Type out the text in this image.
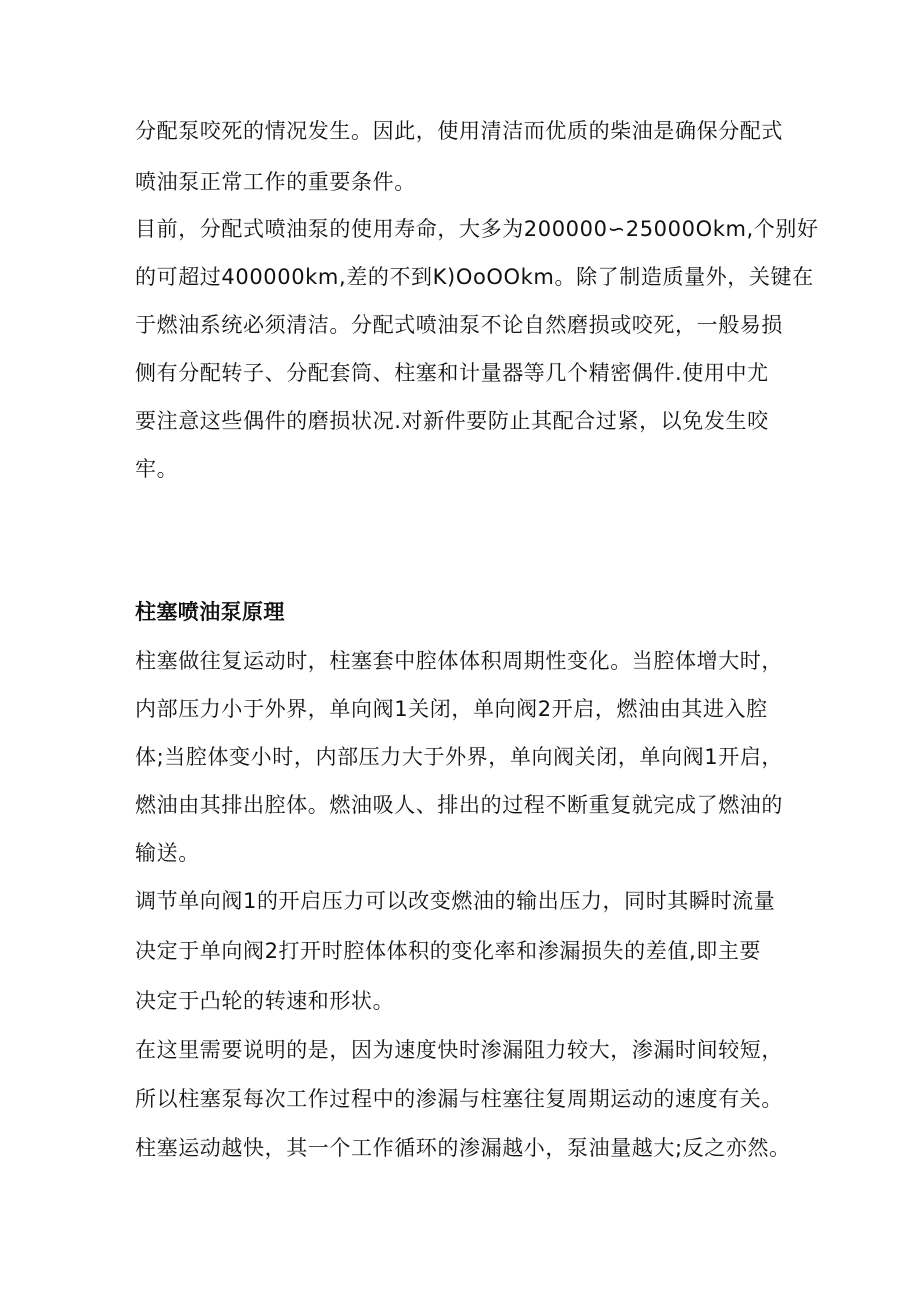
分配泵咬死的情况发生。因此，使用清洁而优质的柴油是确保分配式
喷油泵正常工作的重要条件。
目前，分配式喷油泵的使用寿命，大多为200000∽25000Okm,个别好
的可超过400000km,差的不到K)OoOOkm。除了制造质量外，关键在
于燃油系统必须清洁。分配式喷油泵不论自然磨损或咬死，一般易损
侧有分配转子、分配套筒、柱塞和计量器等几个精密偶件.使用中尤
要注意这些偶件的磨损状况.对新件要防止其配合过紧，以免发生咬
牢。
柱塞喷油泵原理
柱塞做往复运动时，柱塞套中腔体体积周期性变化。当腔体增大时，
内部压力小于外界，单向阀1关闭，单向阀2开启，燃油由其进入腔
体;当腔体变小时，内部压力大于外界，单向阀关闭，单向阀1开启，
燃油由其排出腔体。燃油吸人、排出的过程不断重复就完成了燃油的
输送。
调节单向阀1的开启压力可以改变燃油的输出压力，同时其瞬时流量
决定于单向阀2打开时腔体体积的变化率和渗漏损失的差值,即主要
决定于凸轮的转速和形状。
在这里需要说明的是，因为速度快时渗漏阻力较大，渗漏时间较短，
所以柱塞泵每次工作过程中的渗漏与柱塞往复周期运动的速度有关。
柱塞运动越快，其一个工作循环的渗漏越小，泵油量越大;反之亦然。
